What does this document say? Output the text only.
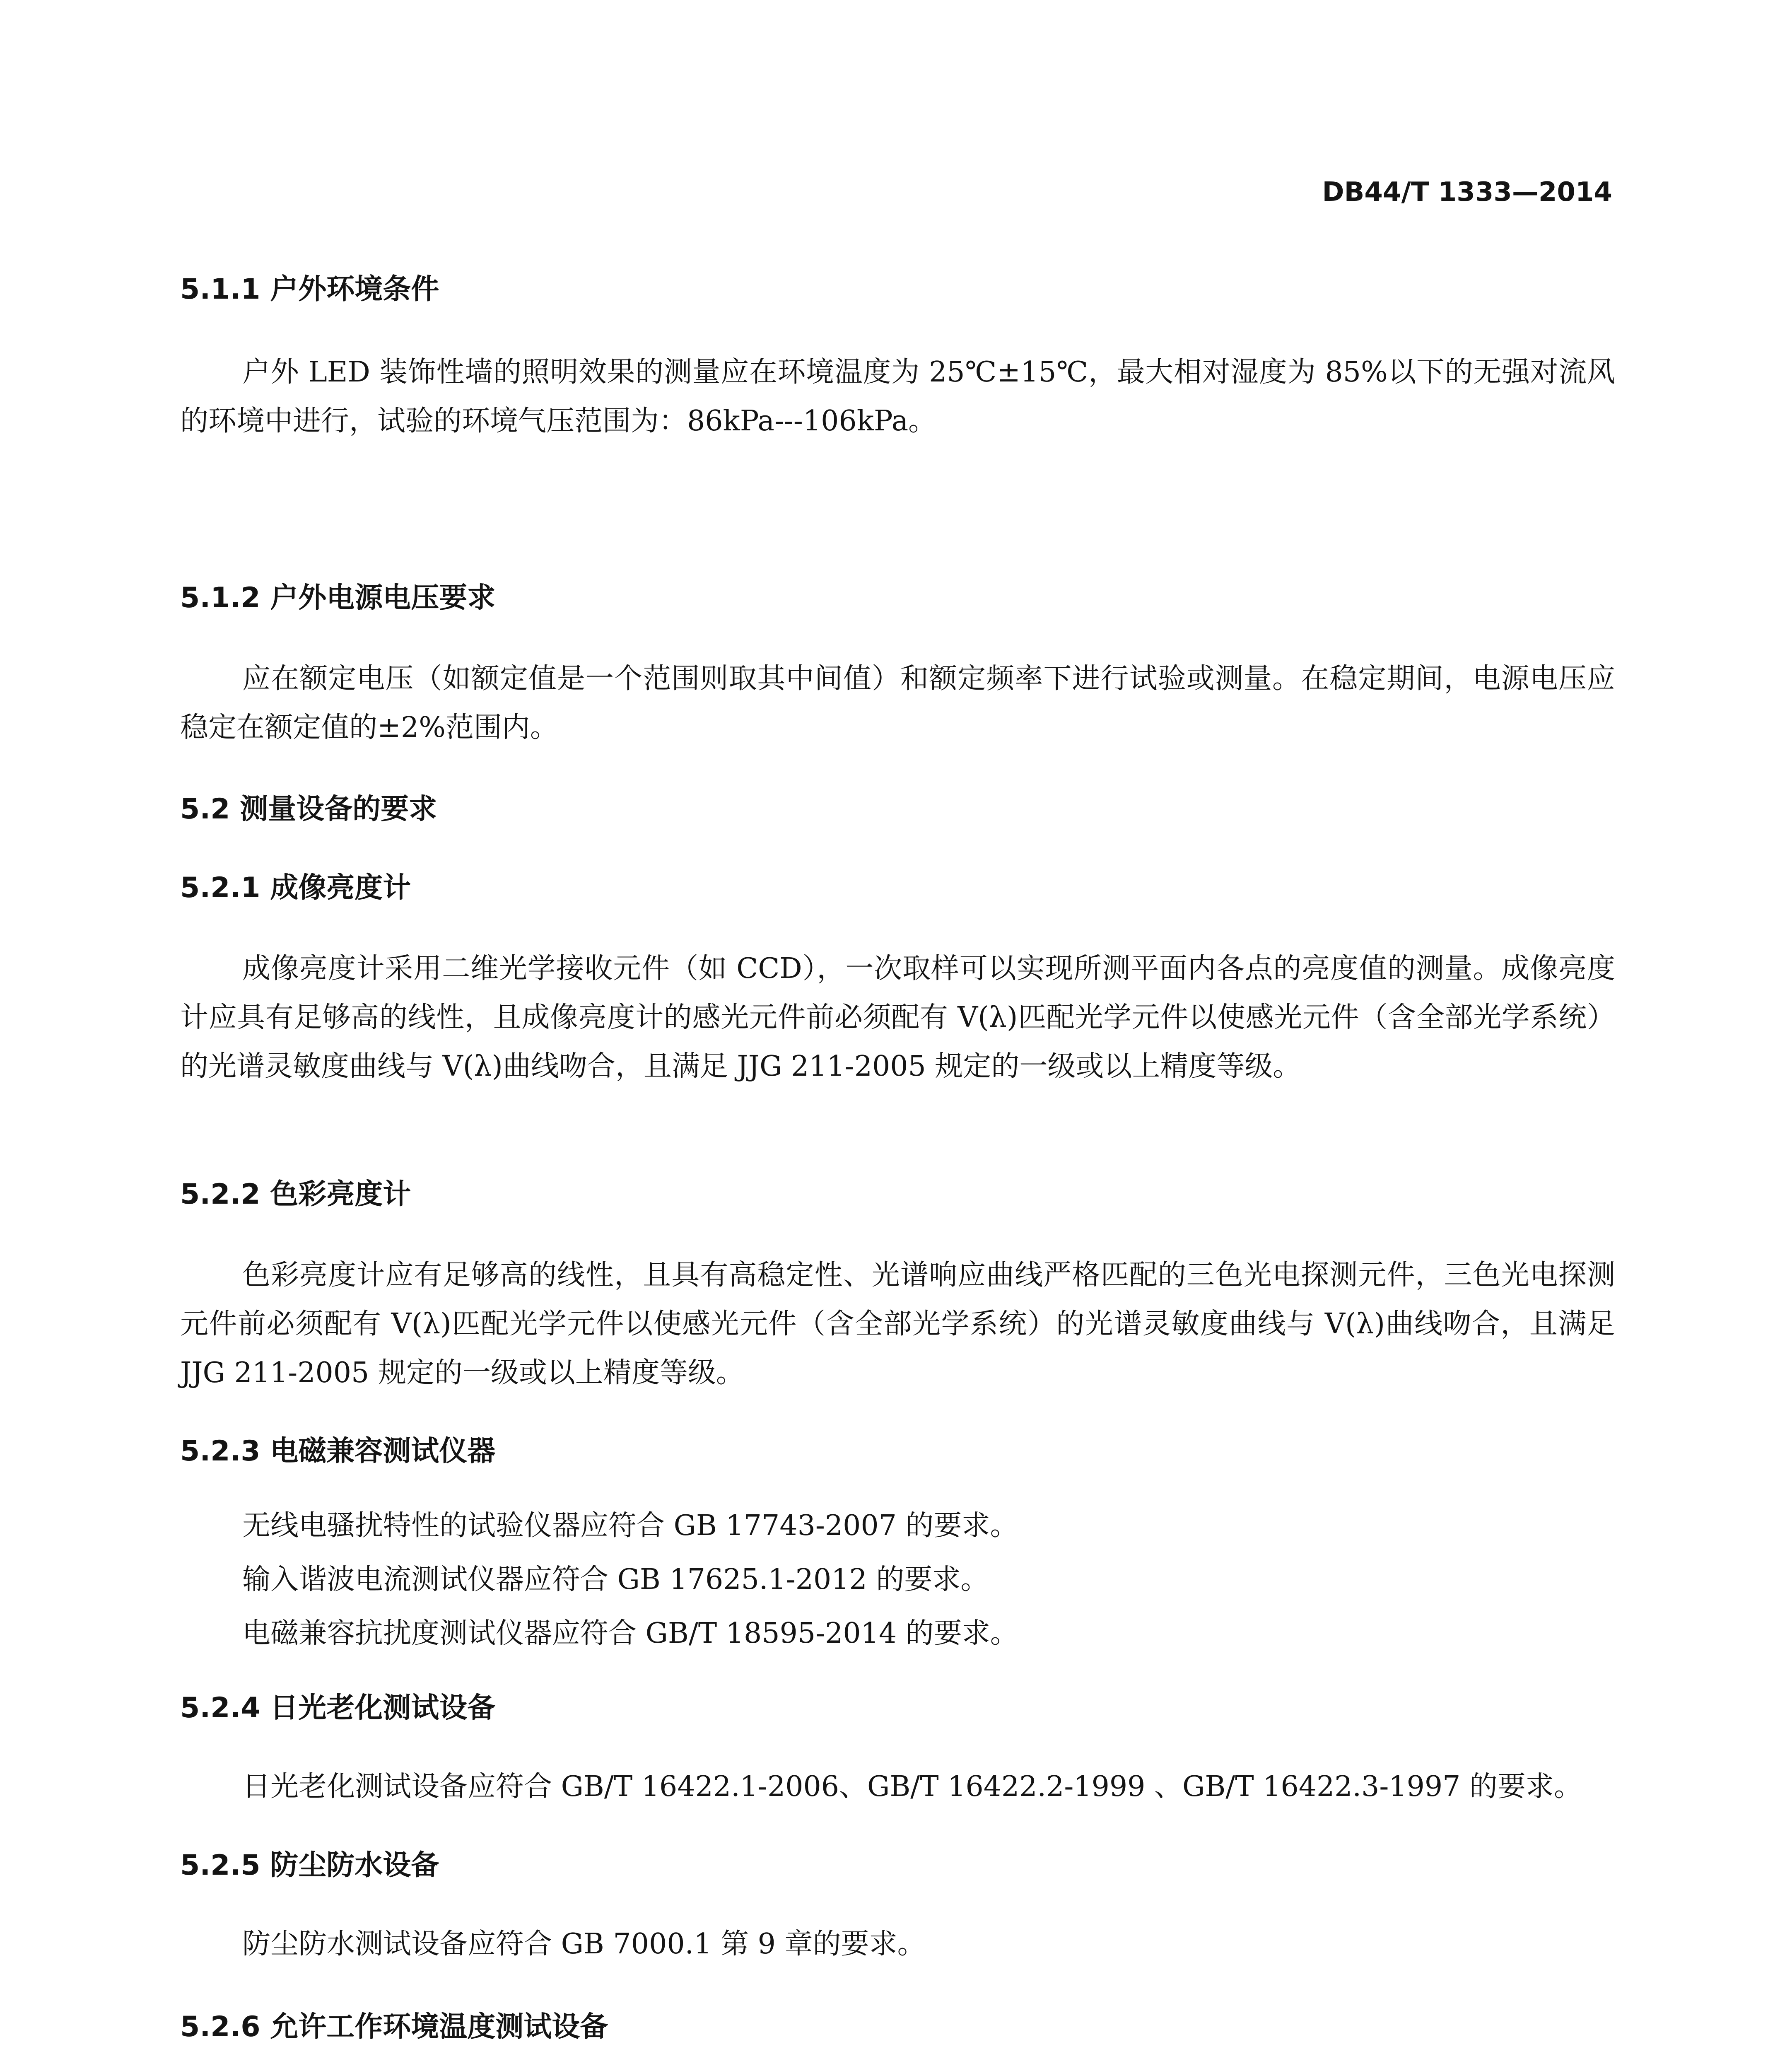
DB44/T 1333—2014
5.1.1 户外环境条件
户外 LED 装饰性墙的照明效果的测量应在环境温度为 25℃±15℃，最大相对湿度为 85%以下的无强对流风的环境中进行，试验的环境气压范围为：86kPa---106kPa。
5.1.2 户外电源电压要求
应在额定电压（如额定值是一个范围则取其中间值）和额定频率下进行试验或测量。在稳定期间，电源电压应稳定在额定值的±2%范围内。
5.2 测量设备的要求
5.2.1 成像亮度计
成像亮度计采用二维光学接收元件（如 CCD），一次取样可以实现所测平面内各点的亮度值的测量。成像亮度计应具有足够高的线性，且成像亮度计的感光元件前必须配有 V(λ)匹配光学元件以使感光元件（含全部光学系统）的光谱灵敏度曲线与 V(λ)曲线吻合，且满足 JJG 211-2005 规定的一级或以上精度等级。
5.2.2 色彩亮度计
色彩亮度计应有足够高的线性，且具有高稳定性、光谱响应曲线严格匹配的三色光电探测元件，三色光电探测元件前必须配有 V(λ)匹配光学元件以使感光元件（含全部光学系统）的光谱灵敏度曲线与 V(λ)曲线吻合，且满足 JJG 211-2005 规定的一级或以上精度等级。
5.2.3 电磁兼容测试仪器
无线电骚扰特性的试验仪器应符合 GB 17743-2007 的要求。
输入谐波电流测试仪器应符合 GB 17625.1-2012 的要求。
电磁兼容抗扰度测试仪器应符合 GB/T 18595-2014 的要求。
5.2.4 日光老化测试设备
日光老化测试设备应符合 GB/T 16422.1-2006、GB/T 16422.2-1999 、GB/T 16422.3-1997 的要求。
5.2.5 防尘防水设备
防尘防水测试设备应符合 GB 7000.1 第 9 章的要求。
5.2.6 允许工作环境温度测试设备
